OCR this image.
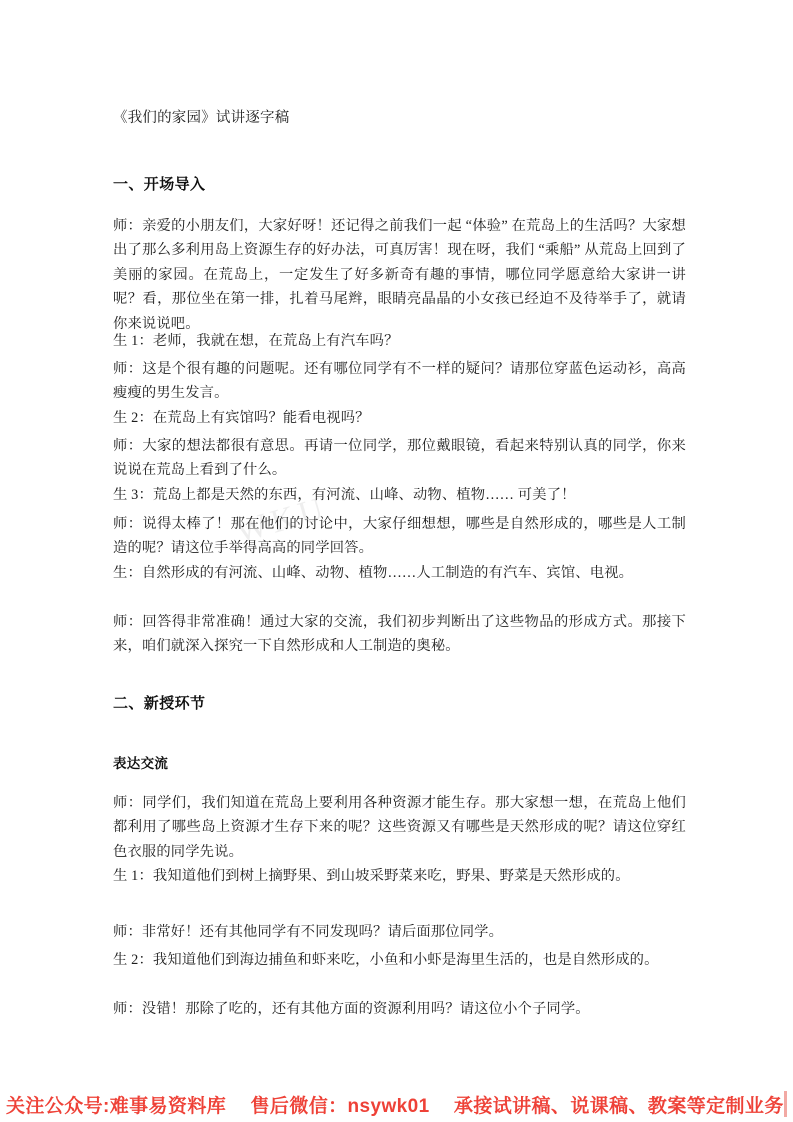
WKU
《我们的家园》试讲逐字稿
一、开场导入

师：亲爱的小朋友们，大家好呀！还记得之前我们一起 “体验” 在荒岛上的生活吗？大家想出了那么多利用岛上资源生存的好办法，可真厉害！现在呀，我们 “乘船” 从荒岛上回到了美丽的家园。在荒岛上，一定发生了好多新奇有趣的事情，哪位同学愿意给大家讲一讲呢？看，那位坐在第一排，扎着马尾辫，眼睛亮晶晶的小女孩已经迫不及待举手了，就请你来说说吧。

生 1：老师，我就在想，在荒岛上有汽车吗？

师：这是个很有趣的问题呢。还有哪位同学有不一样的疑问？请那位穿蓝色运动衫，高高瘦瘦的男生发言。

生 2：在荒岛上有宾馆吗？能看电视吗？

师：大家的想法都很有意思。再请一位同学，那位戴眼镜，看起来特别认真的同学，你来说说在荒岛上看到了什么。

生 3：荒岛上都是天然的东西，有河流、山峰、动物、植物…… 可美了！

师：说得太棒了！那在他们的讨论中，大家仔细想想，哪些是自然形成的，哪些是人工制造的呢？请这位手举得高高的同学回答。

生：自然形成的有河流、山峰、动物、植物……人工制造的有汽车、宾馆、电视。

师：回答得非常准确！通过大家的交流，我们初步判断出了这些物品的形成方式。那接下来，咱们就深入探究一下自然形成和人工制造的奥秘。

二、新授环节
表达交流

师：同学们，我们知道在荒岛上要利用各种资源才能生存。那大家想一想，在荒岛上他们都利用了哪些岛上资源才生存下来的呢？这些资源又有哪些是天然形成的呢？请这位穿红色衣服的同学先说。

生 1：我知道他们到树上摘野果、到山坡采野菜来吃，野果、野菜是天然形成的。

师：非常好！还有其他同学有不同发现吗？请后面那位同学。

生 2：我知道他们到海边捕鱼和虾来吃，小鱼和小虾是海里生活的，也是自然形成的。

师：没错！那除了吃的，还有其他方面的资源利用吗？请这位小个子同学。

关注公众号:难事易资料库 售后微信：nsywk01 承接试讲稿、说课稿、教案等定制业务
